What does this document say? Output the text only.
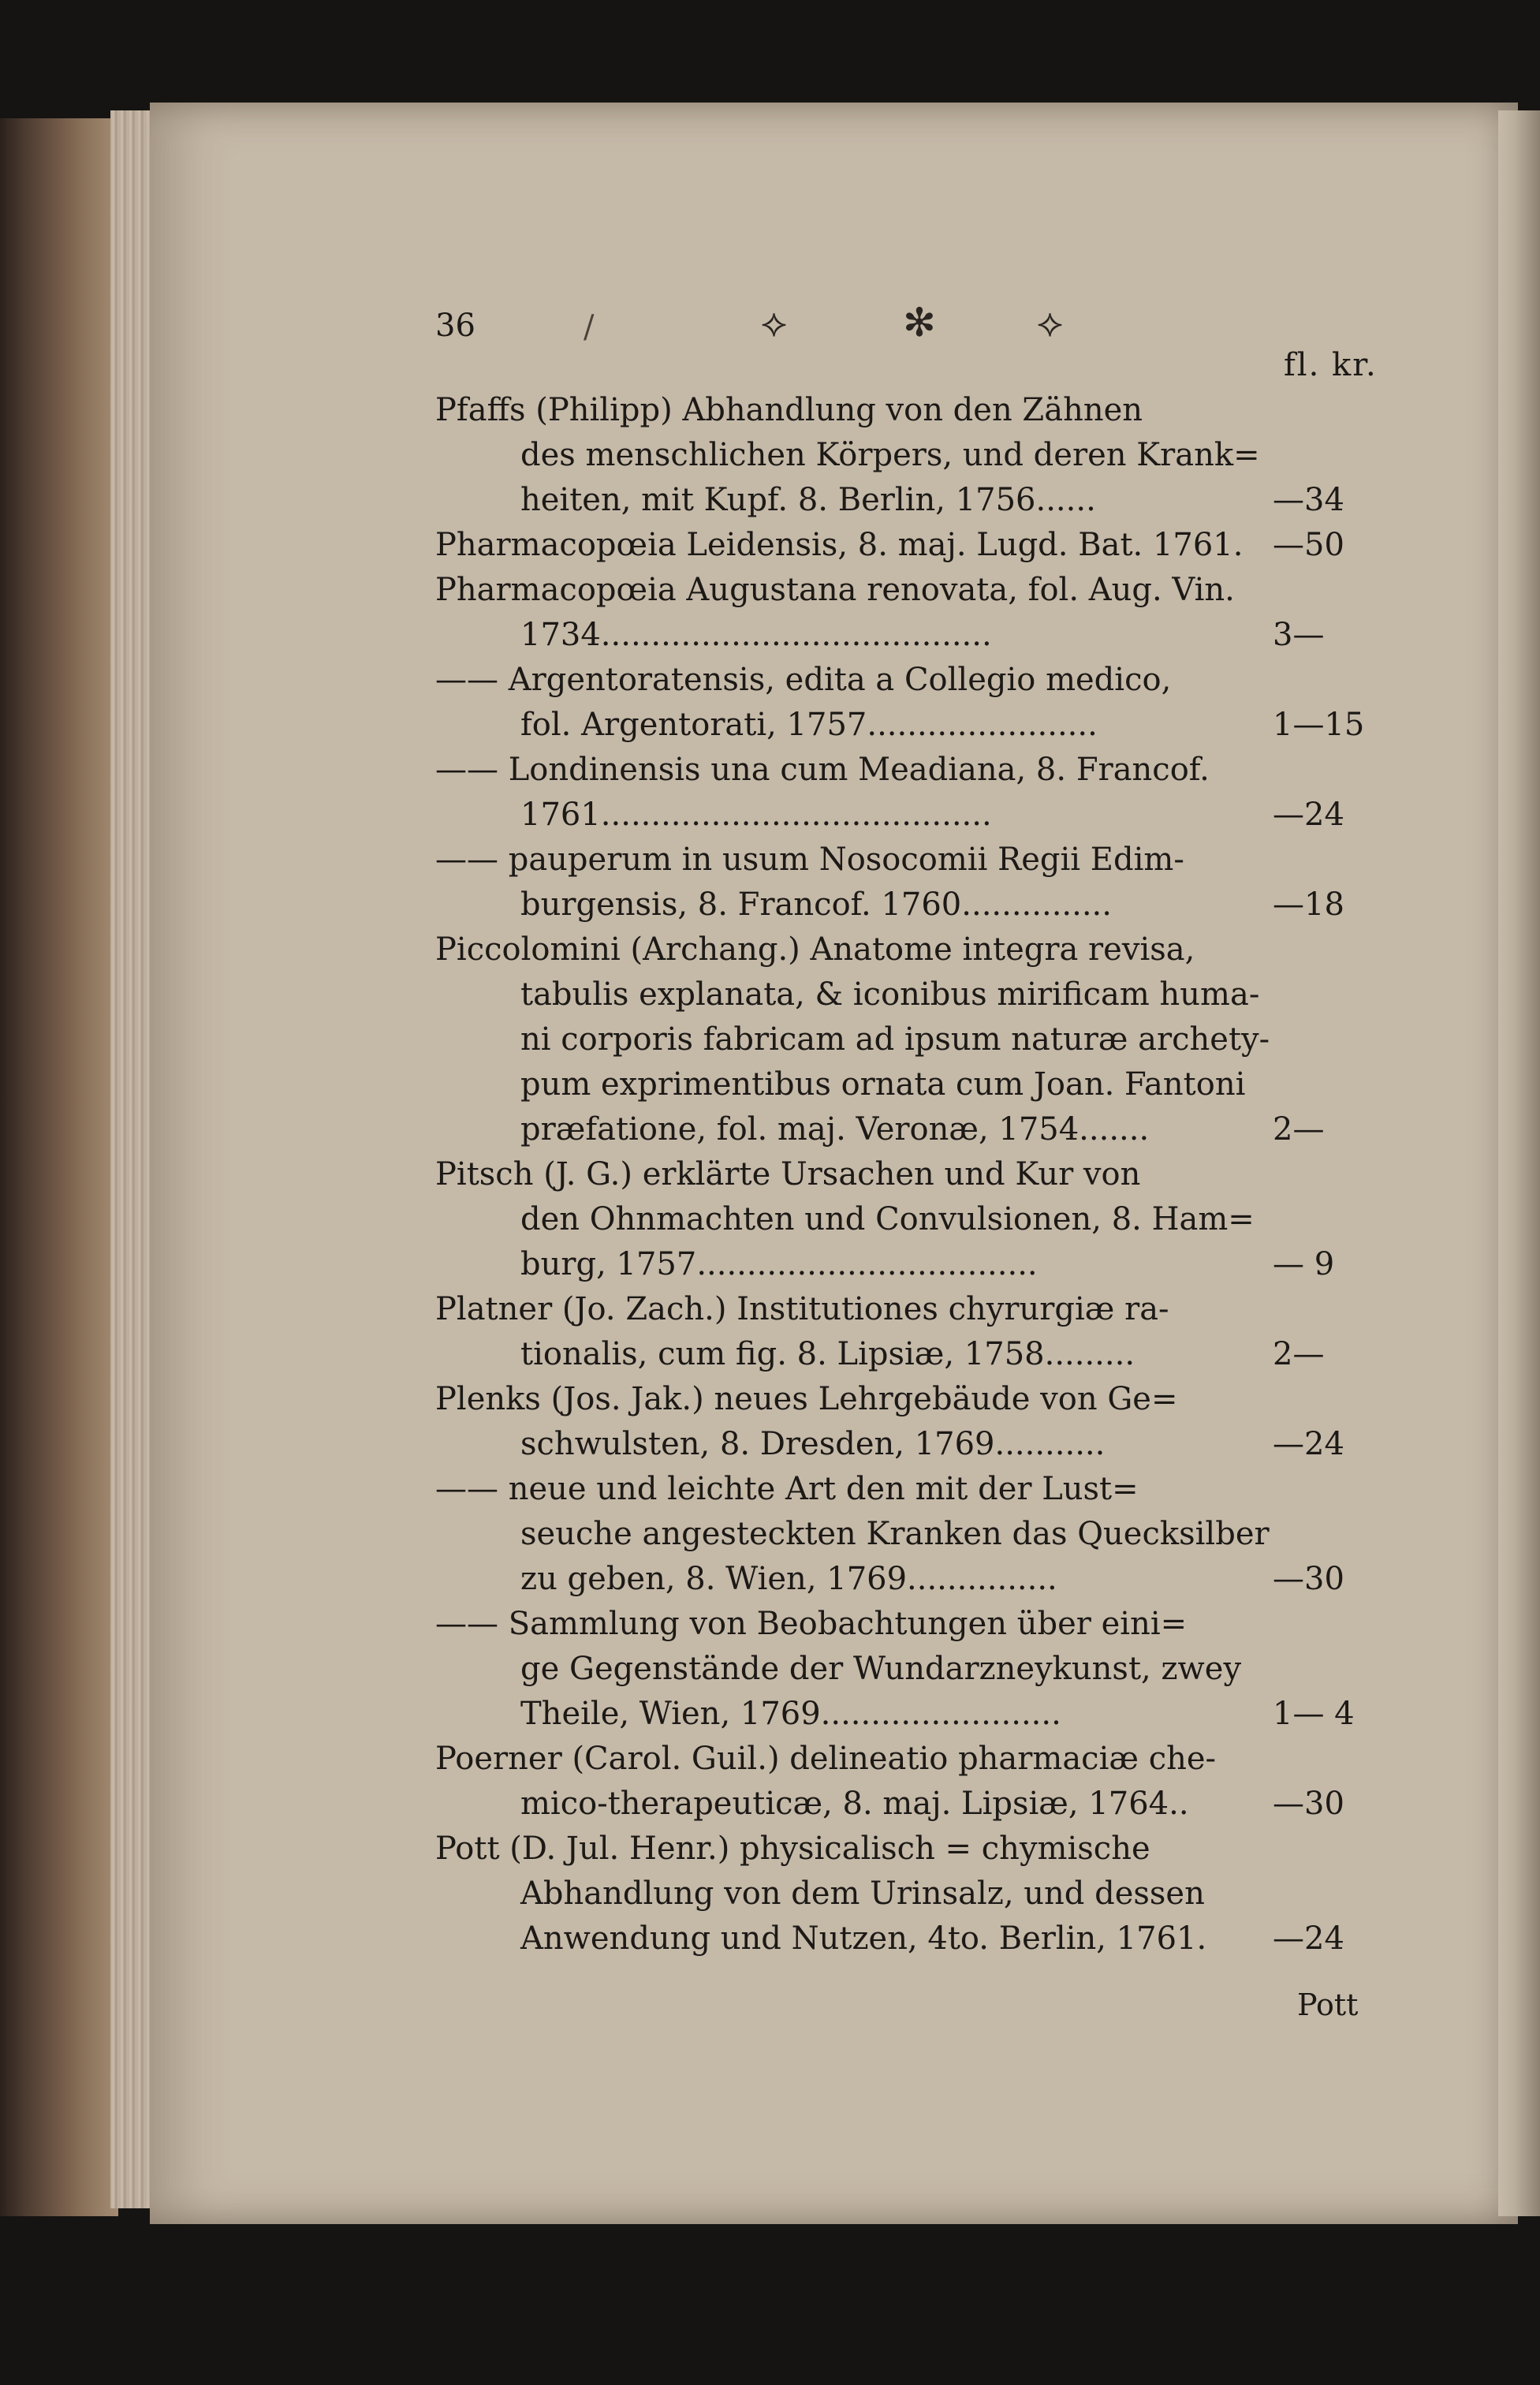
36	/	⟡	✻	⟡
fl. kr.
Pfaffs (Philipp) Abhandlung von den Zähnen
des menschlichen Körpers, und deren Krank=
heiten, mit Kupf. 8. Berlin, 1756......	—34
Pharmacopœia Leidensis, 8. maj. Lugd. Bat. 1761. —50
Pharmacopœia Augustana renovata, fol. Aug. Vin.
1734.......................................	3—
—— Argentoratensis, edita a Collegio medico,
fol. Argentorati, 1757.......................	1—15
—— Londinensis una cum Meadiana, 8. Francof.
1761.......................................	—24
—— pauperum in usum Nosocomii Regii Edim-
burgensis, 8. Francof. 1760...............	—18
Piccolomini (Archang.) Anatome integra revisa,
tabulis explanata, & iconibus mirificam huma-
ni corporis fabricam ad ipsum naturæ archety-
pum exprimentibus ornata cum Joan. Fantoni
præfatione, fol. maj. Veronæ, 1754.......	2—
Pitsch (J. G.) erklärte Ursachen und Kur von
den Ohnmachten und Convulsionen, 8. Ham=
burg, 1757..................................	— 9
Platner (Jo. Zach.) Institutiones chyrurgiæ ra-
tionalis, cum fig. 8. Lipsiæ, 1758.........	2—
Plenks (Jos. Jak.) neues Lehrgebäude von Ge=
schwulsten, 8. Dresden, 1769...........	—24
—— neue und leichte Art den mit der Lust=
seuche angesteckten Kranken das Quecksilber
zu geben, 8. Wien, 1769...............	—30
—— Sammlung von Beobachtungen über eini=
ge Gegenstände der Wundarzneykunst, zwey
Theile, Wien, 1769........................	1— 4
Poerner (Carol. Guil.) delineatio pharmaciæ che-
mico-therapeuticæ, 8. maj. Lipsiæ, 1764..	—30
Pott (D. Jul. Henr.) physicalisch = chymische
Abhandlung von dem Urinsalz, und dessen
Anwendung und Nutzen, 4to. Berlin, 1761. —24
Pott
